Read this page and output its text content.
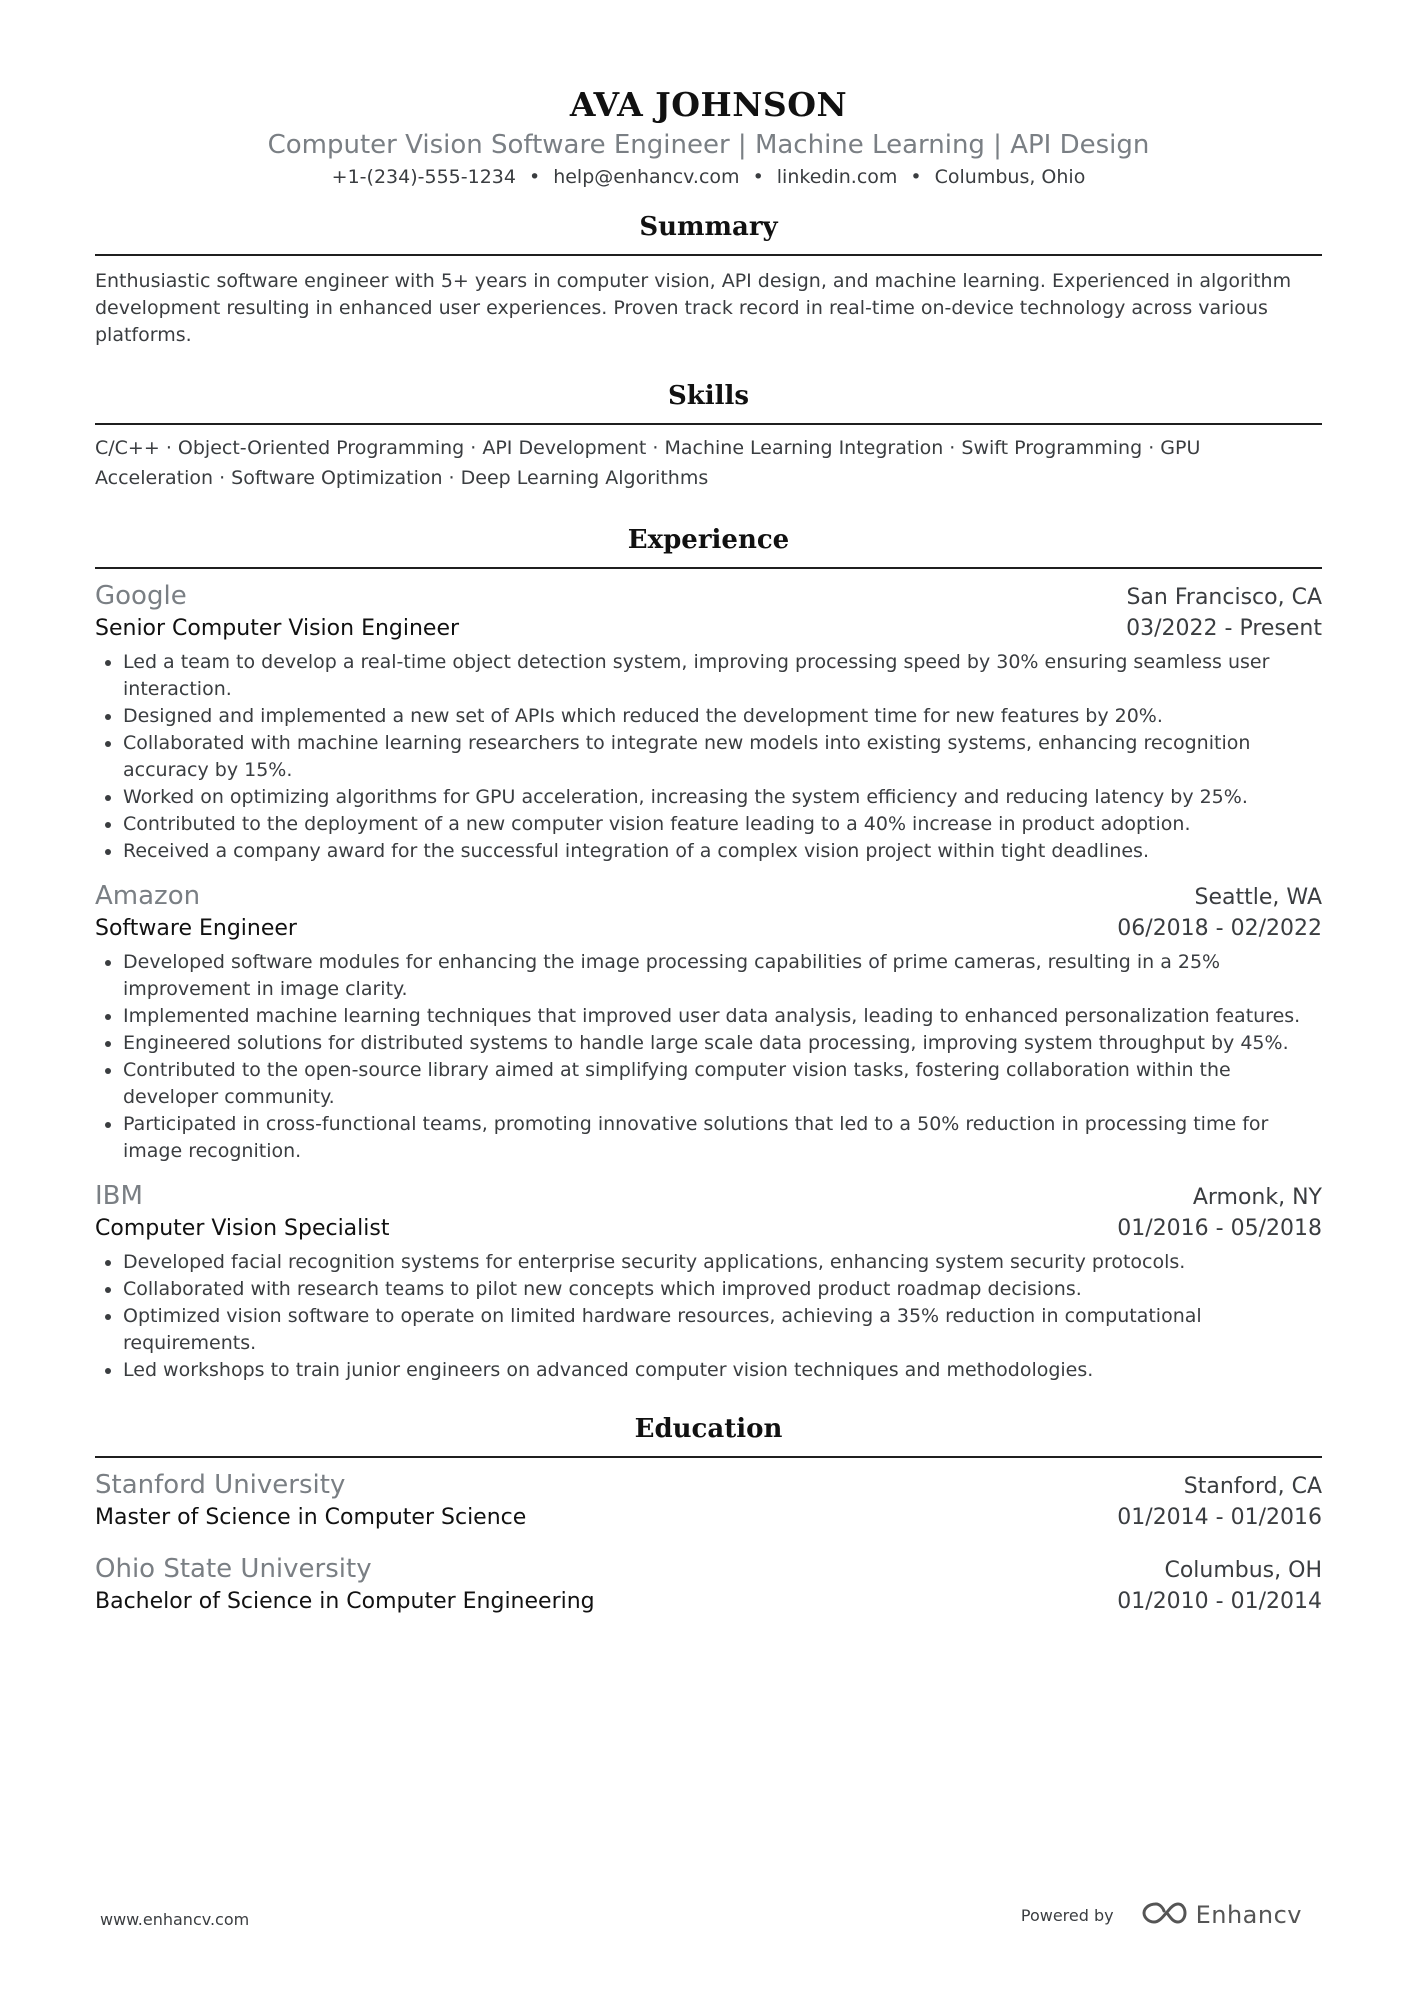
AVA JOHNSON
Computer Vision Software Engineer | Machine Learning | API Design
+1-(234)-555-1234 • help@enhancv.com • linkedin.com • Columbus, Ohio
Summary
Enthusiastic software engineer with 5+ years in computer vision, API design, and machine learning. Experienced in algorithm development resulting in enhanced user experiences. Proven track record in real-time on-device technology across various platforms.
Skills
C/C++ · Object-Oriented Programming · API Development · Machine Learning Integration · Swift Programming · GPU Acceleration · Software Optimization · Deep Learning Algorithms
Experience
Google	San Francisco, CA
Senior Computer Vision Engineer	03/2022 - Present
• Led a team to develop a real-time object detection system, improving processing speed by 30% ensuring seamless user interaction.
• Designed and implemented a new set of APIs which reduced the development time for new features by 20%.
• Collaborated with machine learning researchers to integrate new models into existing systems, enhancing recognition accuracy by 15%.
• Worked on optimizing algorithms for GPU acceleration, increasing the system efficiency and reducing latency by 25%.
• Contributed to the deployment of a new computer vision feature leading to a 40% increase in product adoption.
• Received a company award for the successful integration of a complex vision project within tight deadlines.
Amazon	Seattle, WA
Software Engineer	06/2018 - 02/2022
• Developed software modules for enhancing the image processing capabilities of prime cameras, resulting in a 25% improvement in image clarity.
• Implemented machine learning techniques that improved user data analysis, leading to enhanced personalization features.
• Engineered solutions for distributed systems to handle large scale data processing, improving system throughput by 45%.
• Contributed to the open-source library aimed at simplifying computer vision tasks, fostering collaboration within the developer community.
• Participated in cross-functional teams, promoting innovative solutions that led to a 50% reduction in processing time for image recognition.
IBM	Armonk, NY
Computer Vision Specialist	01/2016 - 05/2018
• Developed facial recognition systems for enterprise security applications, enhancing system security protocols.
• Collaborated with research teams to pilot new concepts which improved product roadmap decisions.
• Optimized vision software to operate on limited hardware resources, achieving a 35% reduction in computational requirements.
• Led workshops to train junior engineers on advanced computer vision techniques and methodologies.
Education
Stanford University	Stanford, CA
Master of Science in Computer Science	01/2014 - 01/2016
Ohio State University	Columbus, OH
Bachelor of Science in Computer Engineering	01/2010 - 01/2014
www.enhancv.com	Powered by	Enhancv
